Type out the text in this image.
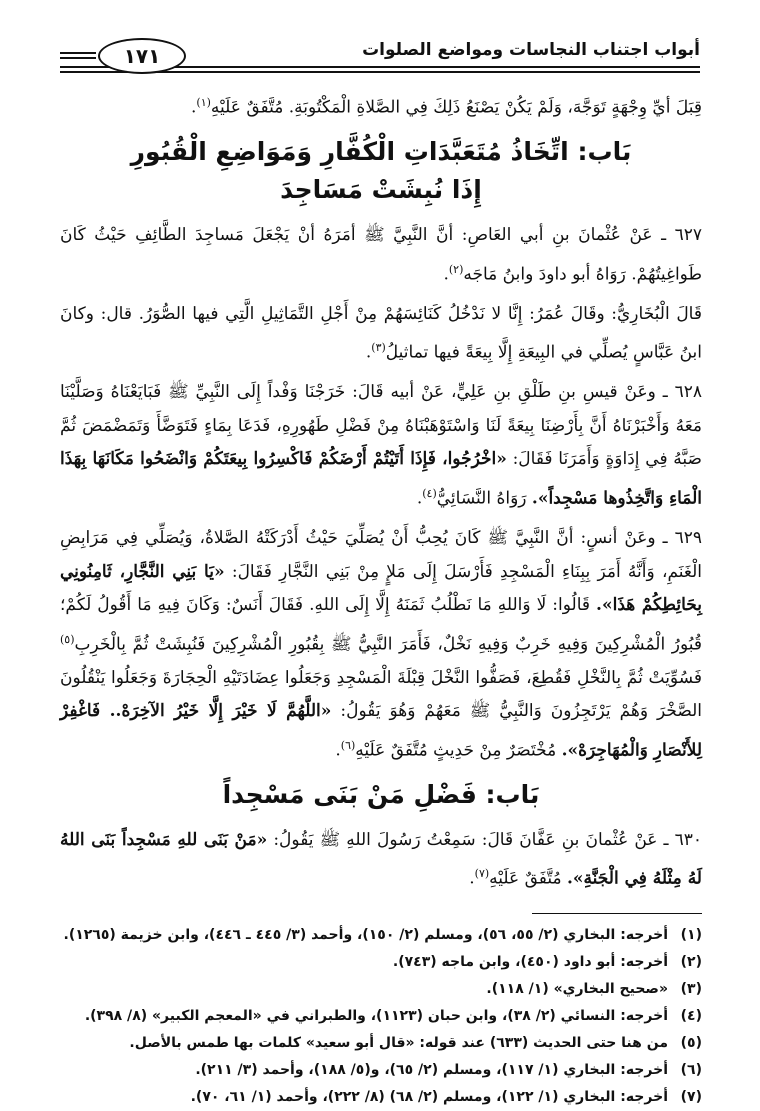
١٧١	أبواب اجتناب النجاسات ومواضع الصلوات

قِبَلَ أيِّ وِجْهَةٍ تَوَجَّهَ، وَلَمْ يَكُنْ يَصْنَعُ ذَلِكَ فِي الصَّلاةِ الْمَكْتُوبَةِ. مُتَّفَقٌ عَلَيْهِ$^{(١)}$.

بَاب: اتِّخَاذُ مُتَعَبَّدَاتِ الْكُفَّارِ وَمَوَاضِعِ الْقُبُورِ
إِذَا نُبِشَتْ مَسَاجِدَ

٦٢٧ ـ عَنْ عُثْمانَ بنِ أبي العَاصِ: أنَّ النَّبِيَّ ﷺ أمَرَهُ أنْ يَجْعَلَ مَساجِدَ الطَّائِفِ حَيْثُ كَانَ طَواغِيتُهُمْ. رَوَاهُ أبو داودَ وابنُ مَاجَه$^{(٢)}$.

قَالَ الْبُخَارِيُّ: وقَالَ عُمَرُ: إِنَّا لا نَدْخُلُ كَنَائِسَهُمْ مِنْ أَجْلِ التَّمَاثِيلِ الَّتِي فيها الصُّوَرُ. قال: وكانَ ابنُ عَبَّاسٍ يُصلِّي في البِيعَةِ إِلَّا بِيعَةً فيها تماثيلُ$^{(٣)}$.

٦٢٨ ـ وعَنْ قيسِ بنِ طَلْقِ بنِ عَلِيٍّ، عَنْ أبيه قَالَ: خَرَجْنَا وَفْداً إِلَى النَّبِيِّ ﷺ فَبَايَعْنَاهُ وَصَلَّيْنَا مَعَهُ وَأَخْبَرْنَاهُ أَنَّ بِأَرْضِنَا بِيعَةً لَنَا وَاسْتَوْهَبْنَاهُ مِنْ فَضْلِ طَهُورِهِ، فَدَعَا بِمَاءٍ فَتَوَضَّأَ وَتَمَضْمَضَ ثُمَّ صَبَّهُ فِي إِدَاوَةٍ وَأَمَرَنَا فَقَالَ: «اخْرُجُوا، فَإِذَا أَتَيْتُمْ أَرْضَكُمْ فَاكْسِرُوا بِيعَتَكُمْ وَانْضَحُوا مَكَانَهَا بِهَذَا الْمَاءِ وَاتَّخِذُوها مَسْجِداً». رَوَاهُ النَّسَائِيُّ$^{(٤)}$.

٦٢٩ ـ وعَنْ أنسٍ: أنَّ النَّبِيَّ ﷺ كَانَ يُحِبُّ أَنْ يُصَلِّيَ حَيْثُ أَدْرَكَتْهُ الصَّلاةُ، وَيُصَلِّي فِي مَرَابِضِ الْغَنَمِ، وَأَنَّهُ أَمَرَ بِبِنَاءِ الْمَسْجِدِ فَأَرْسَلَ إِلَى مَلإٍ مِنْ بَنِي النَّجَّارِ فَقَالَ: «يَا بَنِي النَّجَّارِ، ثَامِنُونِي بِحَائِطِكُمْ هَذَا». قَالُوا: لَا وَاللهِ مَا نَطْلُبُ ثَمَنَهُ إِلَّا إِلَى اللهِ. فَقَالَ أَنَسٌ: وَكَانَ فِيهِ مَا أَقُولُ لَكُمْ؛ قُبُورُ الْمُشْرِكِينَ وَفِيهِ خَرِبٌ وَفِيهِ نَخْلٌ، فَأَمَرَ النَّبِيُّ ﷺ بِقُبُورِ الْمُشْرِكِينَ فَنُبِشَتْ ثُمَّ بِالْخَرِبِ$^{(٥)}$ فَسُوِّيَتْ ثُمَّ بِالنَّخْلِ فَقُطِعَ، فَصَفُّوا النَّخْلَ قِبْلَةَ الْمَسْجِدِ وَجَعَلُوا عِضَادَتَيْهِ الْحِجَارَةَ وَجَعَلُوا يَنْقُلُونَ الصَّخْرَ وَهُمْ يَرْتَجِزُونَ وَالنَّبِيُّ ﷺ مَعَهُمْ وَهُوَ يَقُولُ: «اللَّهُمَّ لَا خَيْرَ إِلَّا خَيْرُ الآخِرَهْ.. فَاغْفِرْ لِلأَنْصَارِ وَالْمُهَاجِرَهْ». مُخْتَصَرٌ مِنْ حَدِيثٍ مُتَّفَقٌ عَلَيْهِ$^{(٦)}$.

بَاب: فَضْلِ مَنْ بَنَى مَسْجِداً

٦٣٠ ـ عَنْ عُثْمانَ بنِ عَفَّانَ قَالَ: سَمِعْتُ رَسُولَ اللهِ ﷺ يَقُولُ: «مَنْ بَنَى للهِ مَسْجِداً بَنَى اللهُ لَهُ مِثْلَهُ فِي الْجَنَّةِ». مُتَّفَقٌ عَلَيْهِ$^{(٧)}$.

(١)
أخرجه: البخاري (٢/ ٥٥، ٥٦)، ومسلم (٢/ ١٥٠)، وأحمد (٣/ ٤٤٥ ـ ٤٤٦)، وابن خزيمة (١٢٦٥).
(٢)
أخرجه: أبو داود (٤٥٠)، وابن ماجه (٧٤٣).
(٣)
«صحيح البخاري» (١/ ١١٨).
(٤)
أخرجه: النسائي (٢/ ٣٨)، وابن حبان (١١٢٣)، والطبراني في «المعجم الكبير» (٨/ ٣٩٨).
(٥)
من هنا حتى الحديث (٦٣٣) عند قوله: «قال أبو سعيد» كلمات بها طمس بالأصل.
(٦)
أخرجه: البخاري (١/ ١١٧)، ومسلم (٢/ ٦٥)، و(٥/ ١٨٨)، وأحمد (٣/ ٢١١).
(٧)
أخرجه: البخاري (١/ ١٢٢)، ومسلم (٢/ ٦٨) (٨/ ٢٢٢)، وأحمد (١/ ٦١، ٧٠).
